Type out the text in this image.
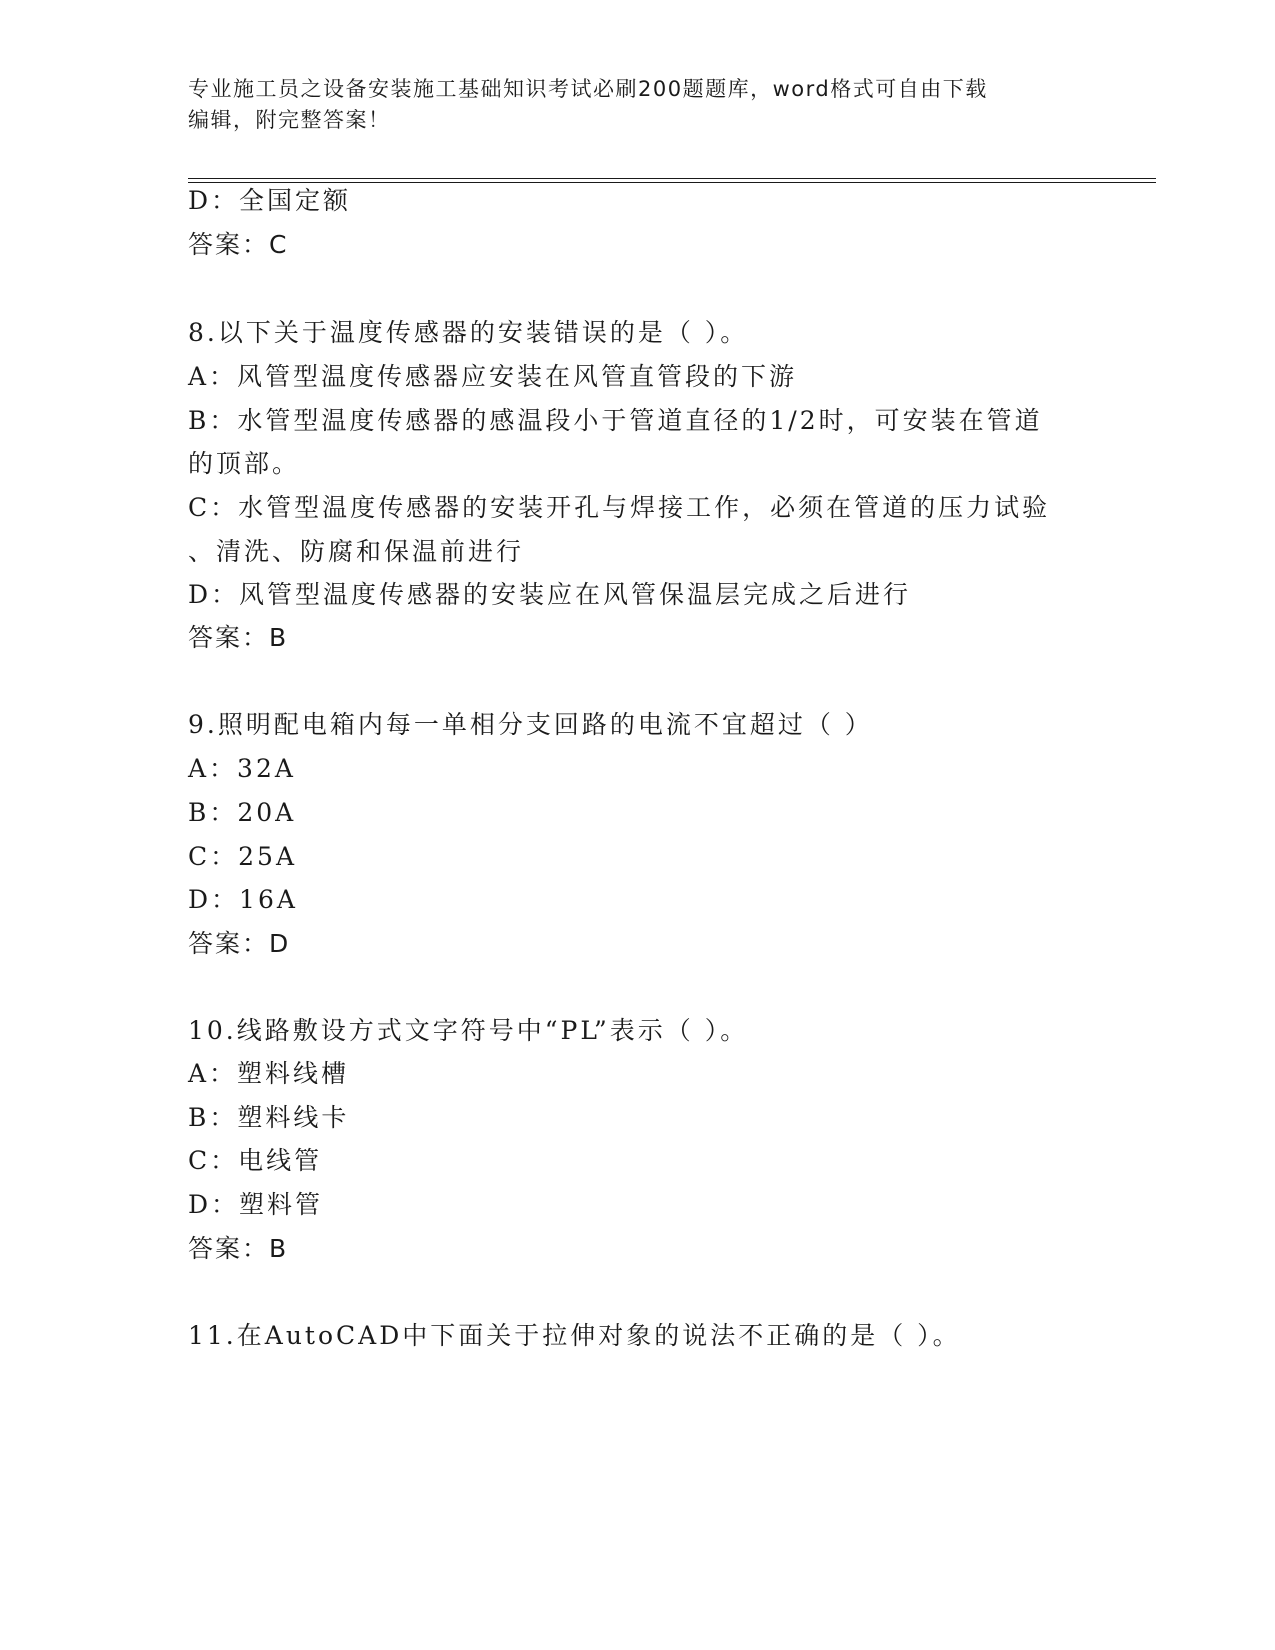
专业施工员之设备安装施工基础知识考试必刷200题题库，word格式可自由下载
编辑，附完整答案！
D：全国定额
答案：C
8.以下关于温度传感器的安装错误的是（ ）。
A：风管型温度传感器应安装在风管直管段的下游
B：水管型温度传感器的感温段小于管道直径的1/2时，可安装在管道
的顶部。
C：水管型温度传感器的安装开孔与焊接工作，必须在管道的压力试验
、清洗、防腐和保温前进行
D：风管型温度传感器的安装应在风管保温层完成之后进行
答案：B
9.照明配电箱内每一单相分支回路的电流不宜超过（ ）
A：32A
B：20A
C：25A
D：16A
答案：D
10.线路敷设方式文字符号中“PL”表示（ ）。
A：塑料线槽
B：塑料线卡
C：电线管
D：塑料管
答案：B
11.在AutoCAD中下面关于拉伸对象的说法不正确的是（ ）。
